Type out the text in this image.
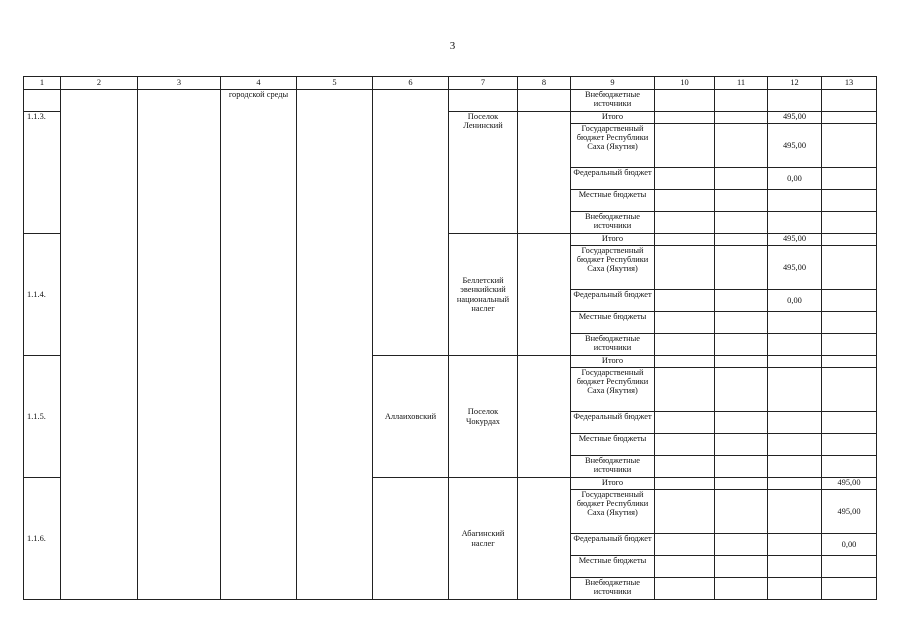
3
1	2	3	4	5	6	7	8	9	10	11	12	13
			городской среды					Внебюджетные источники				
1.1.3.						Поселок Ленинский		Итого			495,00	
								Государственный бюджет Республики Саха (Якутия)			495,00	
								Федеральный бюджет			0,00	
								Местные бюджеты				
								Внебюджетные источники				
1.1.4.						Беллетский эвенкийский национальный наслег		Итого			495,00	
								Государственный бюджет Республики Саха (Якутия)			495,00	
								Федеральный бюджет			0,00	
								Местные бюджеты				
								Внебюджетные источники				
1.1.5.					Аллаиховский	Поселок Чокурдах		Итого				
								Государственный бюджет Республики Саха (Якутия)				
								Федеральный бюджет				
								Местные бюджеты				
								Внебюджетные источники				
1.1.6.						Абагинский наслег		Итого				495,00
								Государственный бюджет Республики Саха (Якутия)				495,00
								Федеральный бюджет				0,00
								Местные бюджеты				
								Внебюджетные источники				
